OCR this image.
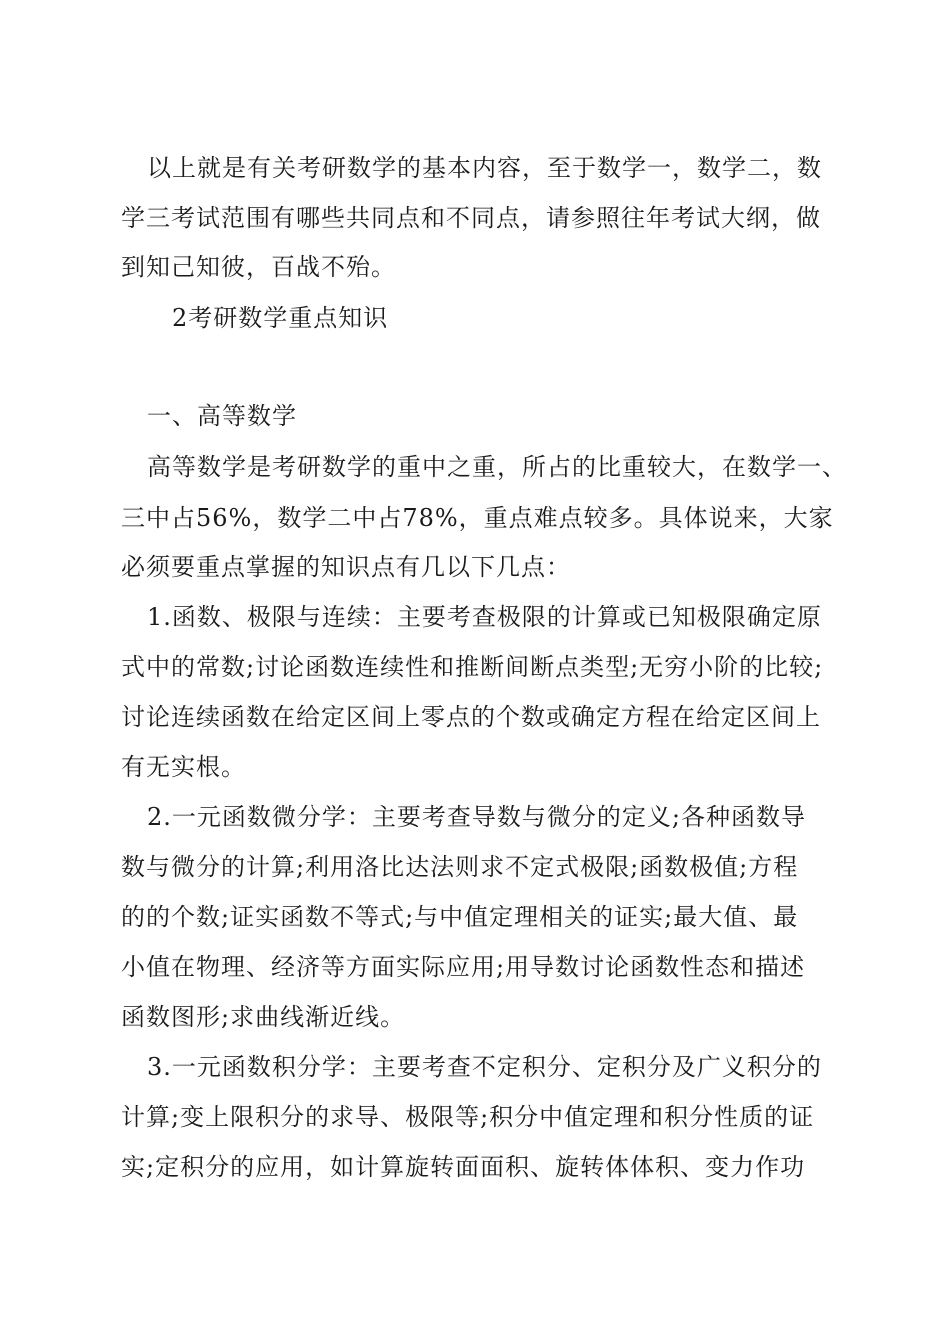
以上就是有关考研数学的基本内容，至于数学一，数学二，数
学三考试范围有哪些共同点和不同点，请参照往年考试大纲，做
到知己知彼，百战不殆。
2考研数学重点知识
一、高等数学
高等数学是考研数学的重中之重，所占的比重较大，在数学一、
三中占56%，数学二中占78%，重点难点较多。具体说来，大家
必须要重点掌握的知识点有几以下几点：
1.函数、极限与连续：主要考查极限的计算或已知极限确定原
式中的常数;讨论函数连续性和推断间断点类型;无穷小阶的比较;
讨论连续函数在给定区间上零点的个数或确定方程在给定区间上
有无实根。
2.一元函数微分学：主要考查导数与微分的定义;各种函数导
数与微分的计算;利用洛比达法则求不定式极限;函数极值;方程
的的个数;证实函数不等式;与中值定理相关的证实;最大值、最
小值在物理、经济等方面实际应用;用导数讨论函数性态和描述
函数图形;求曲线渐近线。
3.一元函数积分学：主要考查不定积分、定积分及广义积分的
计算;变上限积分的求导、极限等;积分中值定理和积分性质的证
实;定积分的应用，如计算旋转面面积、旋转体体积、变力作功
